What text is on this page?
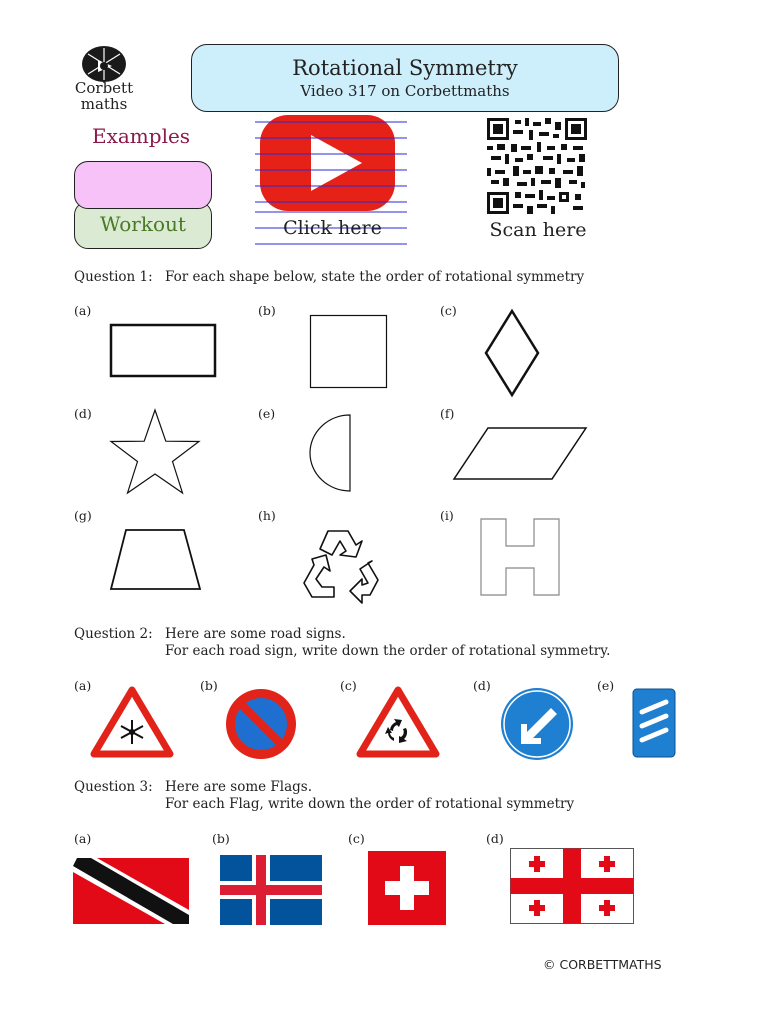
Corbett
maths
Rotational Symmetry
Video 317 on Corbettmaths
Examples
Workout	Click here	Scan here
Question 1: For each shape below, state the order of rotational symmetry
(a)	(b)	(c)
(d)	(e)	(f)
(g)	(h)	(i)
Question 2: Here are some road signs.
For each road sign, write down the order of rotational symmetry.
(a)	(b)	(c)	(d)	(e)
Question 3: Here are some Flags.
For each Flag, write down the order of rotational symmetry
(a)	(b)	(c)	(d)
© CORBETTMATHS
